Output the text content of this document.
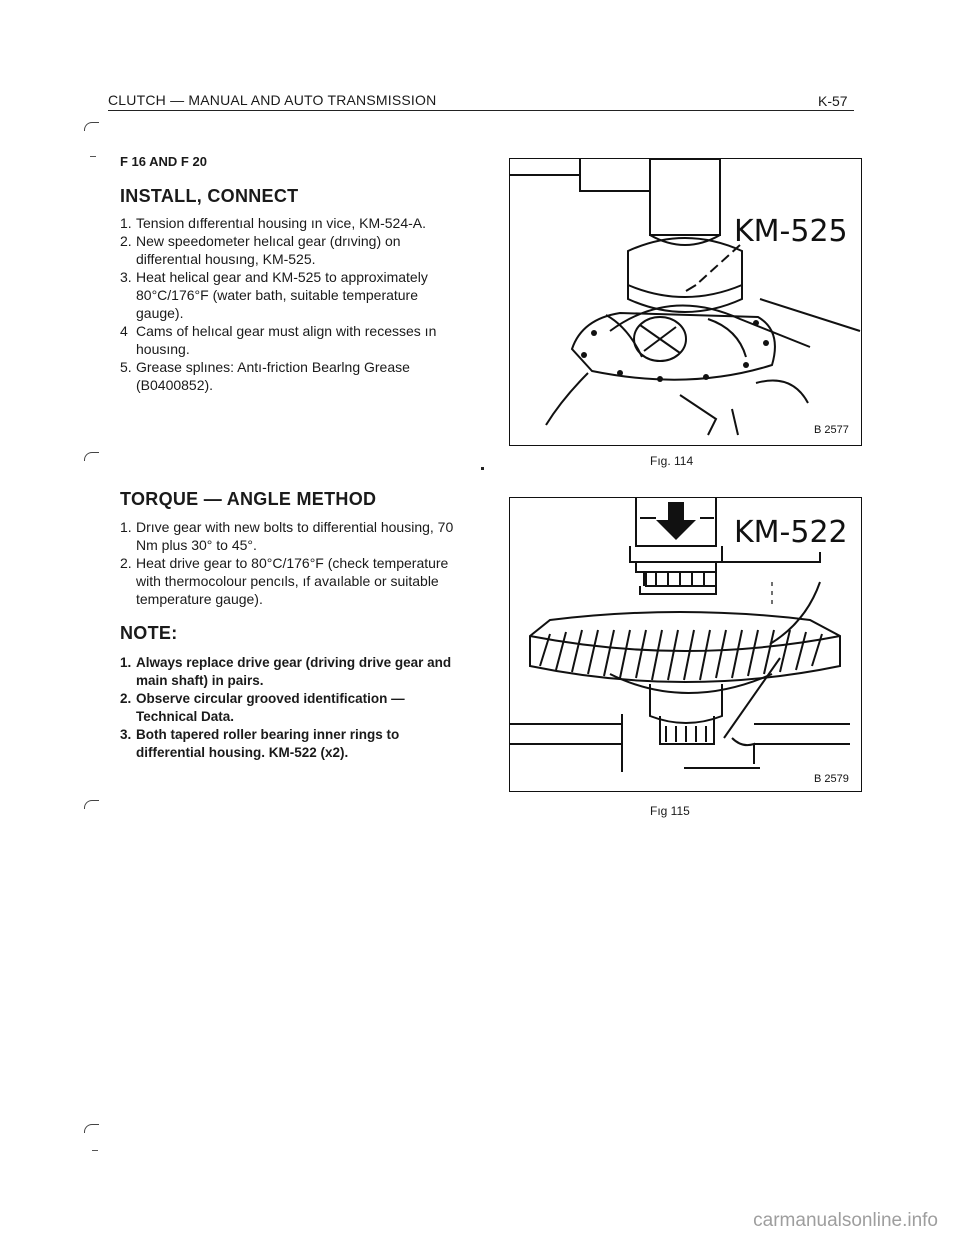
CLUTCH — MANUAL AND AUTO TRANSMISSION	K-57
F 16 AND F 20
INSTALL, CONNECT
1. Tension dıfferentıal housing ın vice, KM-524-A.
2. New speedometer helıcal gear (drıving) on differentıal housıng, KM-525.
3. Heat helical gear and KM-525 to approximately 80°C/176°F (water bath, suitable temperature gauge).
4 Cams of helıcal gear must align with recesses ın housıng.
5. Grease splınes: Antı-friction Bearlng Grease (B0400852).
TORQUE — ANGLE METHOD
1. Drıve gear with new bolts to differential housing, 70 Nm plus 30° to 45°.
2. Heat drive gear to 80°C/176°F (check temperature with thermocolour pencıls, ıf avaılable or suitable temperature gauge).
NOTE:
1. Always replace drive gear (driving drive gear and main shaft) in pairs.
2. Observe circular grooved identification — Technical Data.
3. Both tapered roller bearing inner rings to differential housing. KM-522 (x2).
KM-525
B 2577
Fıg. 114
KM-522
B 2579
Fıg 115
carmanualsonline.info
